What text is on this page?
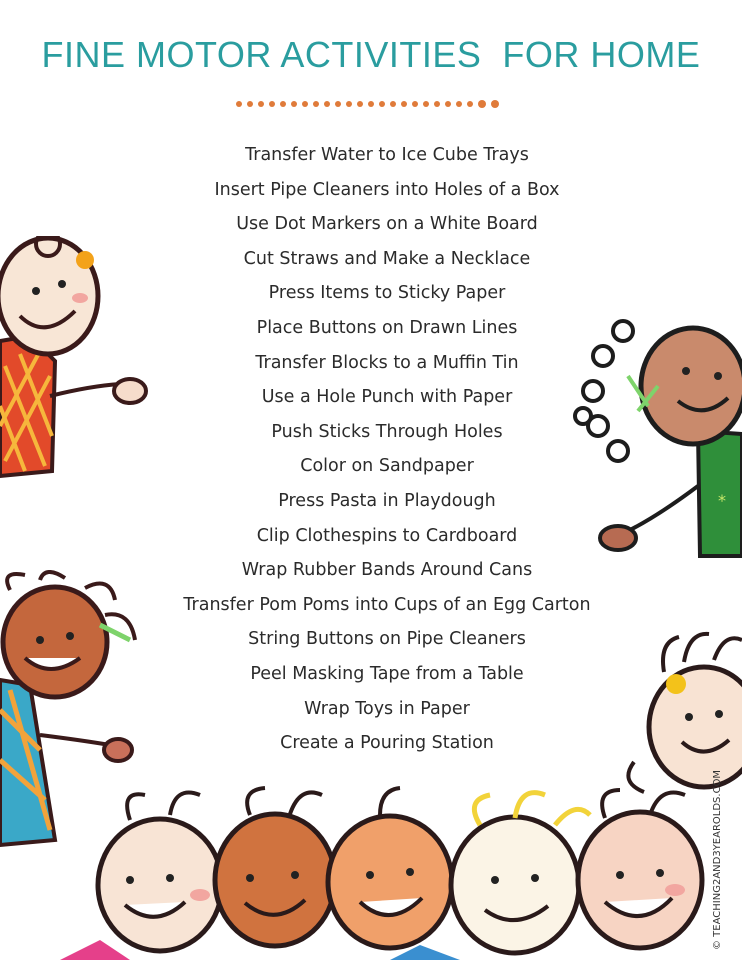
FINE MOTOR ACTIVITIES  FOR HOME
Transfer Water to Ice Cube Trays
Insert Pipe Cleaners into Holes of a Box
Use Dot Markers on a White Board
Cut Straws and Make a Necklace
Press Items to Sticky Paper
Place Buttons on Drawn Lines
Transfer Blocks to a Muffin Tin
Use a Hole Punch with Paper
Push Sticks Through Holes
Color on Sandpaper
Press Pasta in Playdough
Clip Clothespins to Cardboard
Wrap Rubber Bands Around Cans
Transfer Pom Poms into Cups of an Egg Carton
String Buttons on Pipe Cleaners
Peel Masking Tape from a Table
Wrap Toys in Paper
Create a Pouring Station
*
© TEACHING2AND3YEAROLDS.COM
